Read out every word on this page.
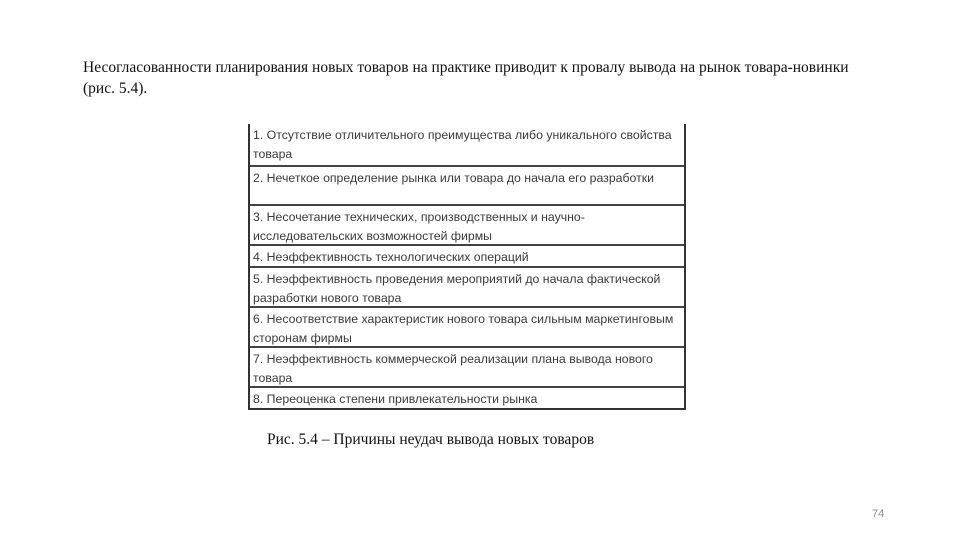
Несогласованности планирования новых товаров на практике приводит к провалу вывода на рынок товара-новинки (рис. 5.4).

1. Отсутствие отличительного преимущества либо уникального свойства товара
2. Нечеткое определение рынка или товара до начала его разработки
3. Несочетание технических, производственных и научно-исследовательских возможностей фирмы
4. Неэффективность технологических операций
5. Неэффективность проведения мероприятий до начала фактической разработки нового товара
6. Несоответствие характеристик нового товара сильным маркетинговым сторонам фирмы
7. Неэффективность коммерческой реализации плана вывода нового товара
8. Переоценка степени привлекательности рынка

Рис. 5.4 – Причины неудач вывода новых товаров

74
